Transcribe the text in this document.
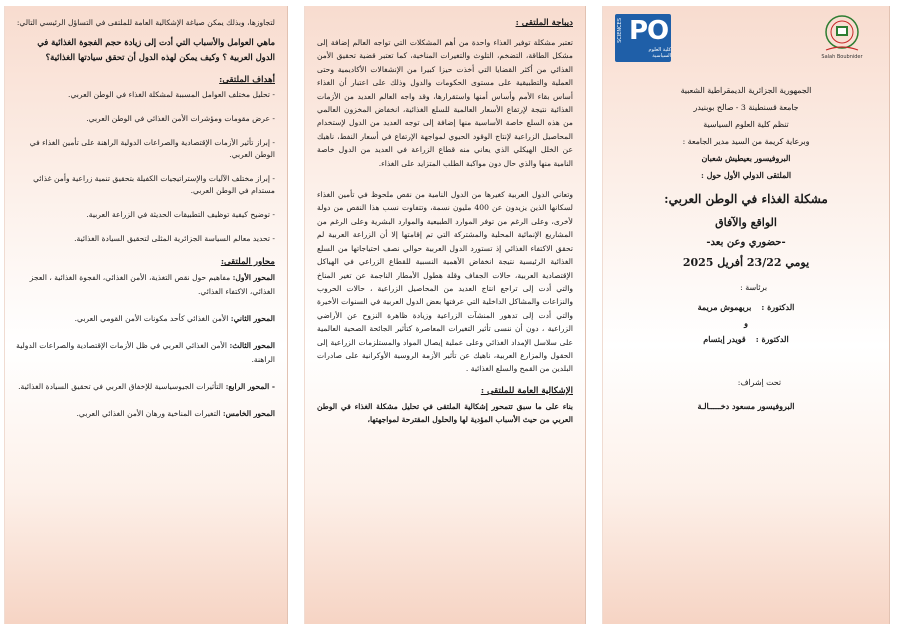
لتجاوزها، وبذلك يمكن صياغة الإشكالية العامة للملتقى في التساؤل الرئيسي التالي:

ماهي العوامل والأسباب التي أدت إلى زيادة حجم الفجوة الغذائية في الدول العربية ؟ وكيف يمكن لهذه الدول أن تحقق سيادتها الغذائية؟

أهداف الملتقى:

- تحليل مختلف العوامل المسببة لمشكلة الغذاء في الوطن العربي.

- عرض مقومات ومؤشرات الأمن الغذائي في الوطن العربي.

- إبراز تأثير الأزمات الإقتصادية والصراعات الدولية الراهنة على تأمين الغذاء في الوطن العربي.

- إبراز مختلف الآليات والإستراتيجيات الكفيلة بتحقيق تنمية زراعية وأمن غذائي مستدام في الوطن العربي.

- توضيح كيفية توظيف التطبيقات الحديثة في الزراعة العربية.

- تحديد معالم السياسة الجزائرية المثلى لتحقيق السيادة الغذائية.

محاور الملتقى:

المحور الأول: مفاهيم حول نقص التغذية، الأمن الغذائي، الفجوة الغذائية ، العجز الغذائي، الاكتفاء الغذائي.

المحور الثاني: الأمن الغذائي كأحد مكونات الأمن القومي العربي.

المحور الثالث: الأمن الغذائي العربي في ظل الأزمات الإقتصادية والصراعات الدولية الراهنة.

- المحور الرابع: التأثيرات الجيوسياسية للإخفاق العربي في تحقيق السيادة الغذائية.

المحور الخامس: التغيرات المناخية ورهان الأمن الغذائي العربي.

ديباجة الملتقى :

تعتبر مشكلة توفير الغذاء واحدة من أهم المشكلات التي تواجه العالم إضافة إلى مشكل الطاقة، التضخم، التلوث والتغيرات المناخية، كما تعتبر قضية تحقيق الأمن الغذائي من أكثر القضايا التي أخذت حيزا كبيرا من الإنشغالات الأكاديمية وحتى العملية والتطبيقية على مستوى الحكومات والدول وذلك على اعتبار أن الغذاء أساس بقاء الأمم وأساس أمنها واستقرارها، وقد واجه العالم العديد من الأزمات الغذائية نتيجة لإرتفاع الأسعار العالمية للسلع الغذائية، انخفاض المخزون العالمي من هذه السلع خاصة الأساسية منها إضافة إلى توجه العديد من الدول لإستخدام المحاصيل الزراعية لإنتاج الوقود الحيوي لمواجهة الإرتفاع في أسعار النفط، ناهيك عن الخلل الهيكلي الذي يعاني منه قطاع الزراعة في العديد من الدول خاصة النامية منها والذي حال دون مواكبة الطلب المتزايد على الغذاء.

وتعاني الدول العربية كغيرها من الدول النامية من نقص ملحوظ في تأمين الغذاء لسكانها الذين يزيدون عن 400 مليون نسمة، وتتفاوت نسب هذا النقص من دولة لأخرى، وعلى الرغم من توفر الموارد الطبيعية والموارد البشرية وعلى الرغم من المشاريع الإنمائية المحلية والمشتركة التي تم إقامتها إلا أن الزراعة العربية لم تحقق الاكتفاء الغذائي إذ تستورد الدول العربية حوالي نصف احتياجاتها من السلع الغذائية الرئيسية نتيجة انخفاض الأهمية النسبية للقطاع الزراعي في الهياكل الإقتصادية العربية، حالات الجفاف وقلة هطول الأمطار الناجمة عن تغير المناخ والتي أدت إلى تراجع انتاج العديد من المحاصيل الزراعية ، حالات الحروب والنزاعات والمشاكل الداخلية التي عرفتها بعض الدول العربية في السنوات الأخيرة والتي أدت إلى تدهور المنشآت الزراعية وزيادة ظاهرة النزوح عن الأراضي الزراعية ، دون أن ننسى تأثير التغيرات المعاصرة كتأثير الجائحة الصحية العالمية على سلاسل الإمداد الغذائي وعلى عملية إيصال المواد والمستلزمات الزراعية إلى الحقول والمزارع العربية، ناهيك عن تأثير الأزمة الروسية الأوكرانية على صادرات البلدين من القمح والسلع الغذائية .

الإشكالية العامة للملتقى :

بناء على ما سبق تتمحور إشكالية الملتقى في تحليل مشكلة الغذاء في الوطن العربي من حيث الأسباب المؤدية لها والحلول المقترحة لمواجهتها،

SCIENCES PO
كلية العلوم السياسية	Salah Boubnider

الجمهورية الجزائرية الديمقراطية الشعبية

جامعة قسنطينة 3 - صالح بوبنيدر

تنظم كلية العلوم السياسية

وبرعاية كريمة من السيد مدير الجامعة :

البروفيسور بعيطيش شعبان

الملتقى الدولي الأول حول :

مشكلة الغذاء في الوطن العربي:

الواقع والآفاق

-حضوري وعن بعد-

يومي 23/22 أفريل 2025

برئاسة :

الدكتورة :
بريهموش مريمة

و

الدكتورة :
قويدر إبتسام

تحت إشراف:

البروفيسور مسعود دخـــــالـة
